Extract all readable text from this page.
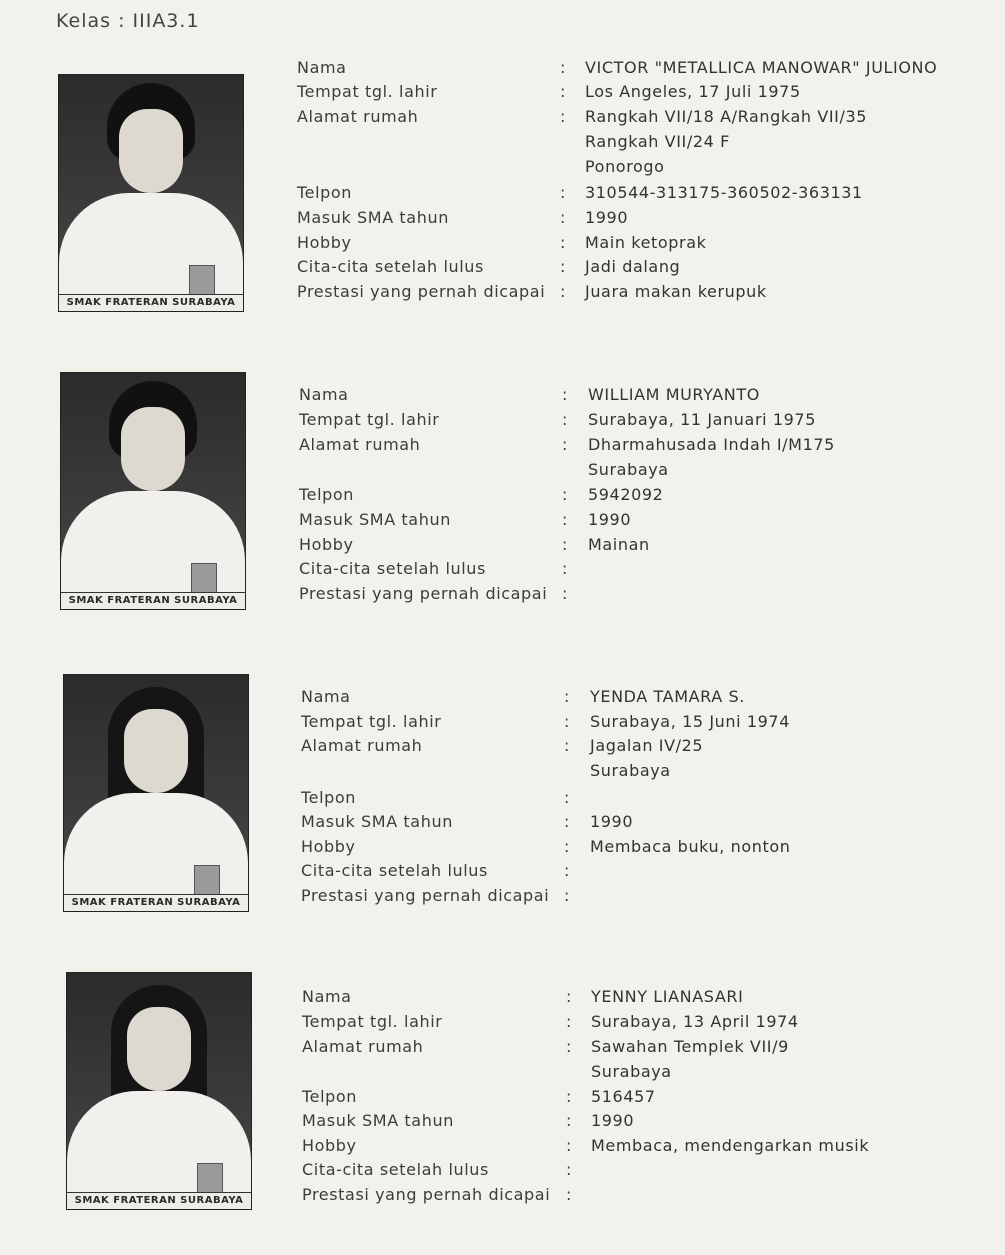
Kelas : IIIA3.1
SMAK FRATERAN SURABAYA
Nama	: VICTOR "METALLICA MANOWAR" JULIONO
Tempat tgl. lahir	: Los Angeles, 17 Juli 1975
Alamat rumah	: Rangkah VII/18 A/Rangkah VII/35
Rangkah VII/24 F
Ponorogo
Telpon	: 310544-313175-360502-363131
Masuk SMA tahun	: 1990
Hobby	: Main ketoprak
Cita-cita setelah lulus	: Jadi dalang
Prestasi yang pernah dicapai : Juara makan kerupuk
SMAK FRATERAN SURABAYA
Nama	: WILLIAM MURYANTO
Tempat tgl. lahir	: Surabaya, 11 Januari 1975
Alamat rumah	: Dharmahusada Indah I/M175
Surabaya
Telpon	: 5942092
Masuk SMA tahun	: 1990
Hobby	: Mainan
Cita-cita setelah lulus	:
Prestasi yang pernah dicapai :
SMAK FRATERAN SURABAYA
Nama	: YENDA TAMARA S.
Tempat tgl. lahir	: Surabaya, 15 Juni 1974
Alamat rumah	: Jagalan IV/25
Surabaya
Telpon	:
Masuk SMA tahun	: 1990
Hobby	: Membaca buku, nonton
Cita-cita setelah lulus	:
Prestasi yang pernah dicapai :
SMAK FRATERAN SURABAYA
Nama	: YENNY LIANASARI
Tempat tgl. lahir	: Surabaya, 13 April 1974
Alamat rumah	: Sawahan Templek VII/9
Surabaya
Telpon	: 516457
Masuk SMA tahun	: 1990
Hobby	: Membaca, mendengarkan musik
Cita-cita setelah lulus	:
Prestasi yang pernah dicapai :
